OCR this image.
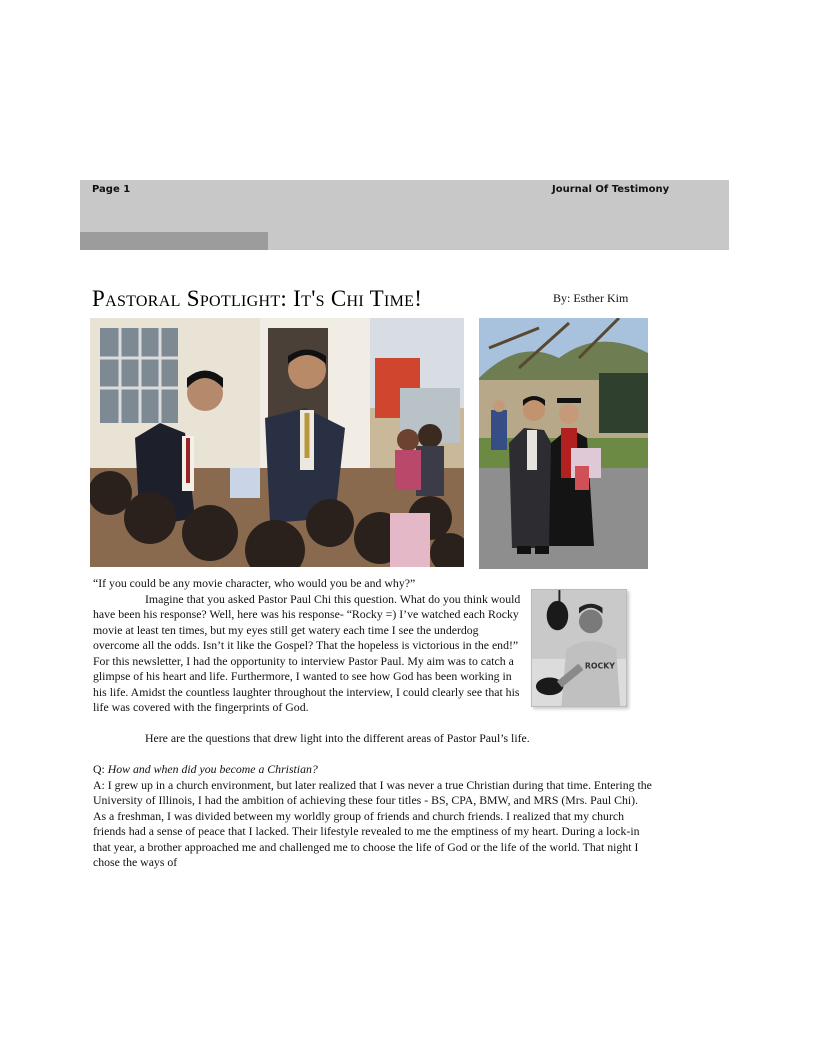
Page 1	Journal Of Testimony
Pastoral Spotlight: It's Chi Time!	By: Esther Kim
ROCKY

“If you could be any movie character, who would you be and why?”

Imagine that you asked Pastor Paul Chi this question. What do you think would have been his response? Well, here was his response- “Rocky =) I’ve watched each Rocky movie at least ten times, but my eyes still get watery each time I see the underdog overcome all the odds. Isn’t it like the Gospel? That the hopeless is victorious in the end!” For this newsletter, I had the opportunity to interview Pastor Paul. My aim was to catch a glimpse of his heart and life. Furthermore, I wanted to see how God has been working in his life. Amidst the countless laughter throughout the interview, I could clearly see that his life was covered with the fingerprints of God.

Here are the questions that drew light into the different areas of Pastor Paul’s life.

Q: How and when did you become a Christian?

A: I grew up in a church environment, but later realized that I was never a true Christian during that time. Entering the University of Illinois, I had the ambition of achieving these four titles - BS, CPA, BMW, and MRS (Mrs. Paul Chi). As a freshman, I was divided between my worldly group of friends and church friends. I realized that my church friends had a sense of peace that I lacked. Their lifestyle revealed to me the emptiness of my heart. During a lock-in that year, a brother approached me and challenged me to choose the life of God or the life of the world. That night I chose the ways of
